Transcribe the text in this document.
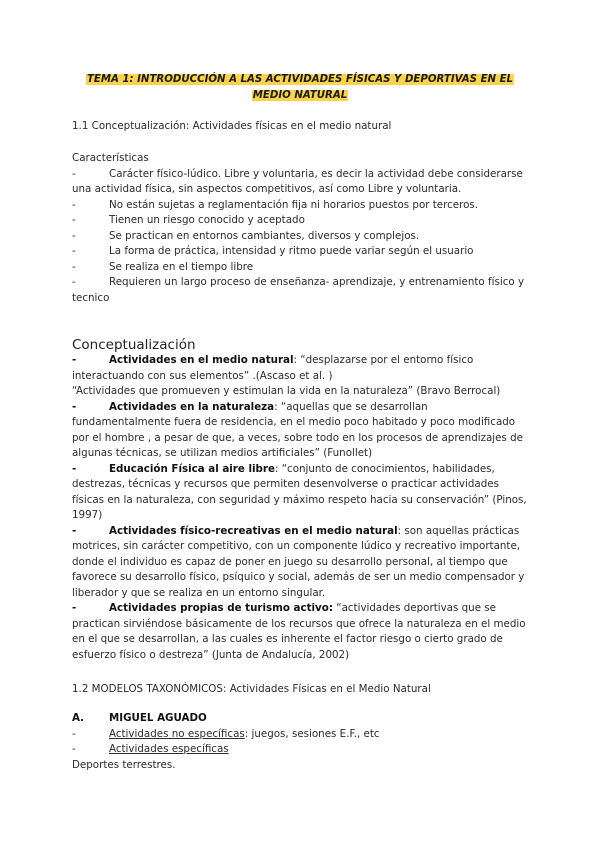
TEMA 1: INTRODUCCIÓN A LAS ACTIVIDADES FÍSICAS Y DEPORTIVAS EN EL
MEDIO NATURAL
1.1 Conceptualización: Actividades físicas en el medio natural
Características
-	Carácter físico-lúdico. Libre y voluntaria, es decir la actividad debe considerarse una actividad física, sin aspectos competitivos, así como Libre y voluntaria.
-	No están sujetas a reglamentación fija ni horarios puestos por terceros.
-	Tienen un riesgo conocido y aceptado
-	Se practican en entornos cambiantes, diversos y complejos.
-	La forma de práctica, intensidad y ritmo puede variar según el usuario
-	Se realiza en el tiempo libre
-	Requieren un largo proceso de enseñanza- aprendizaje, y entrenamiento físico y tecnico
Conceptualización
-	Actividades en el medio natural: “desplazarse por el entorno físico interactuando con sus elementos” .(Ascaso et al. )
“Actividades que promueven y estimulan la vida en la naturaleza” (Bravo Berrocal)
-	Actividades en la naturaleza: “aquellas que se desarrollan fundamentalmente fuera de residencia, en el medio poco habitado y poco modificado por el hombre , a pesar de que, a veces, sobre todo en los procesos de aprendizajes de algunas técnicas, se utilizan medios artificiales” (Funollet)
-	Educación Física al aire libre: “conjunto de conocimientos, habilidades, destrezas, técnicas y recursos que permiten desenvolverse o practicar actividades físicas en la naturaleza, con seguridad y máximo respeto hacia su conservación” (Pinos, 1997)
-	Actividades físico-recreativas en el medio natural: son aquellas prácticas motrices, sin carácter competitivo, con un componente lúdico y recreativo importante, donde el individuo es capaz de poner en juego su desarrollo personal, al tiempo que favorece su desarrollo físico, psíquico y social, además de ser un medio compensador y liberador y que se realiza en un entorno singular.
-	Actividades propias de turismo activo: “actividades deportivas que se practican sirviéndose básicamente de los recursos que ofrece la naturaleza en el medio en el que se desarrollan, a las cuales es inherente el factor riesgo o cierto grado de esfuerzo físico o destreza” (Junta de Andalucía, 2002)
1.2 MODELOS TAXONÓMICOS: Actividades Físicas en el Medio Natural
A.	MIGUEL AGUADO
-	Actividades no específicas: juegos, sesiones E.F., etc
-	Actividades específicas
Deportes terrestres.
